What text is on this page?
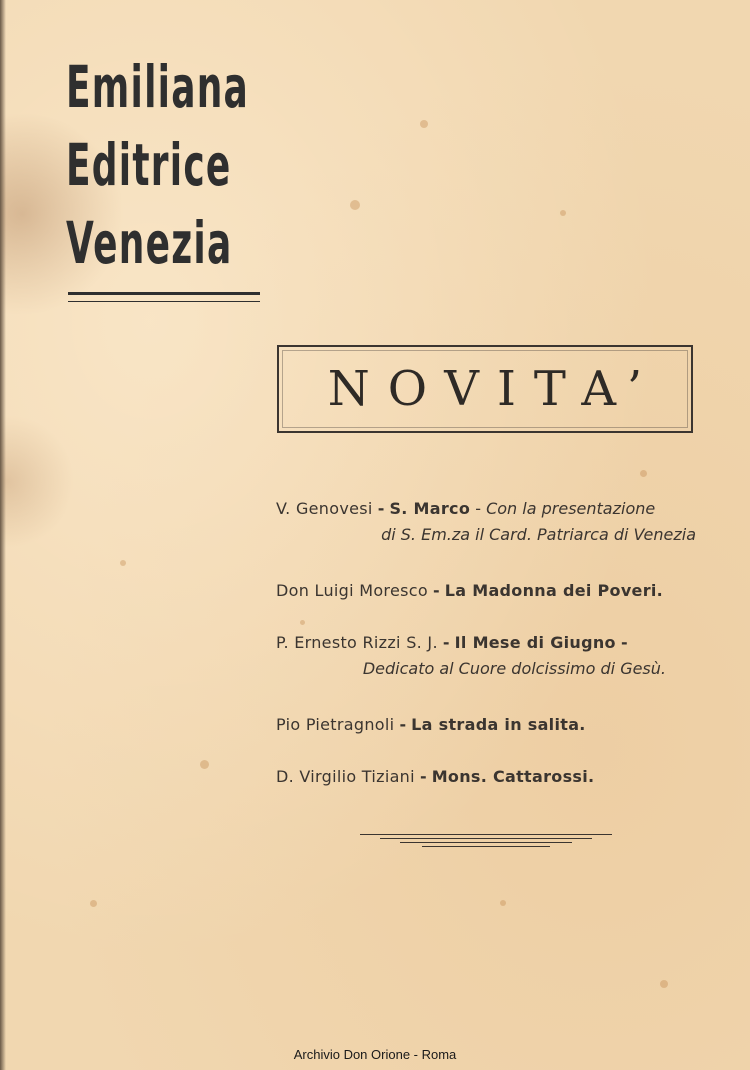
Emiliana
Editrice
Venezia
NOVITA’
V. Genovesi - S. Marco - Con la presentazione
di S. Em.za il Card. Patriarca di Venezia
Don Luigi Moresco - La Madonna dei Poveri.
P. Ernesto Rizzi S. J. - Il Mese di Giugno -
Dedicato al Cuore dolcissimo di Gesù.
Pio Pietragnoli - La strada in salita.
D. Virgilio Tiziani - Mons. Cattarossi.
Archivio Don Orione - Roma
